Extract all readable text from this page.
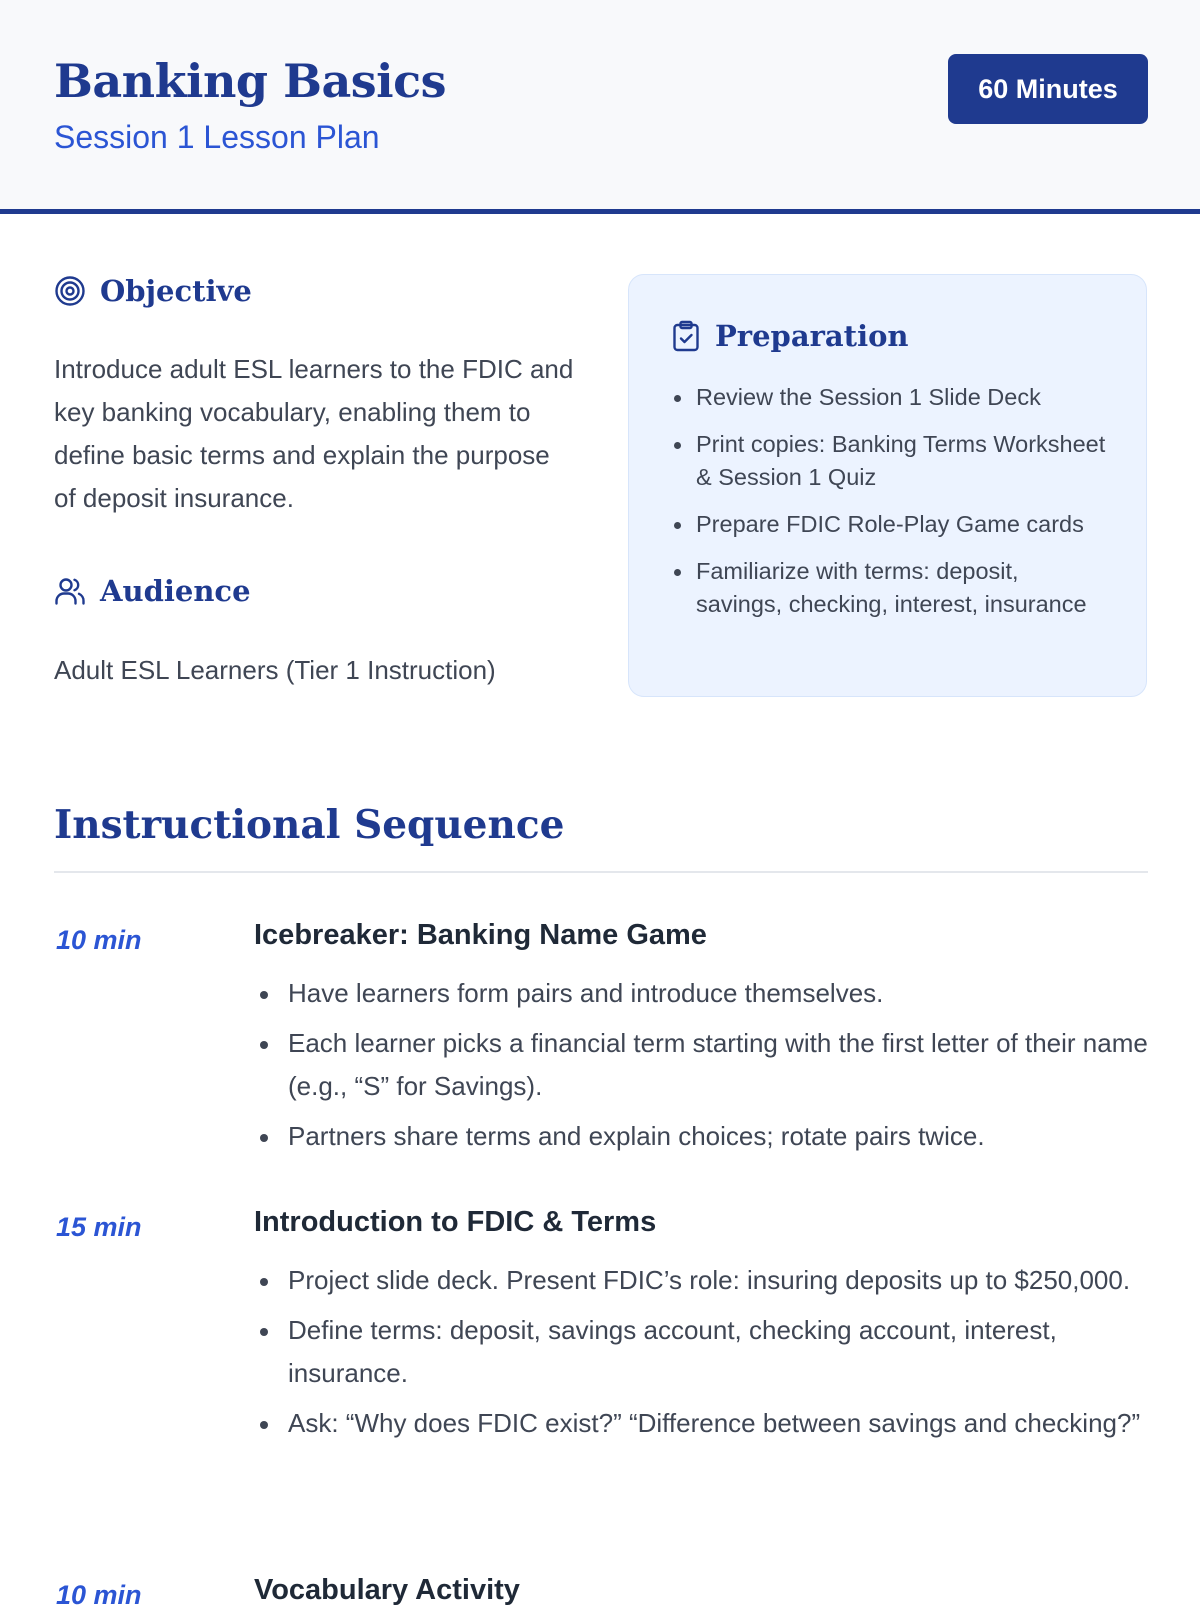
Banking Basics
Session 1 Lesson Plan
60 Minutes
Objective

Introduce adult ESL learners to the FDIC and key banking vocabulary, enabling them to define basic terms and explain the purpose of deposit insurance.

Audience

Adult ESL Learners (Tier 1 Instruction)

Preparation
Review the Session 1 Slide Deck
Print copies: Banking Terms Worksheet & Session 1 Quiz
Prepare FDIC Role-Play Game cards
Familiarize with terms: deposit, savings, checking, interest, insurance
Instructional Sequence
10 min	Icebreaker: Banking Name Game
Have learners form pairs and introduce themselves.
Each learner picks a financial term starting with the first letter of their name (e.g., “S” for Savings).
Partners share terms and explain choices; rotate pairs twice.
15 min	Introduction to FDIC & Terms
Project slide deck. Present FDIC’s role: insuring deposits up to $250,000.
Define terms: deposit, savings account, checking account, interest, insurance.
Ask: “Why does FDIC exist?” “Difference between savings and checking?”
10 min	Vocabulary Activity
